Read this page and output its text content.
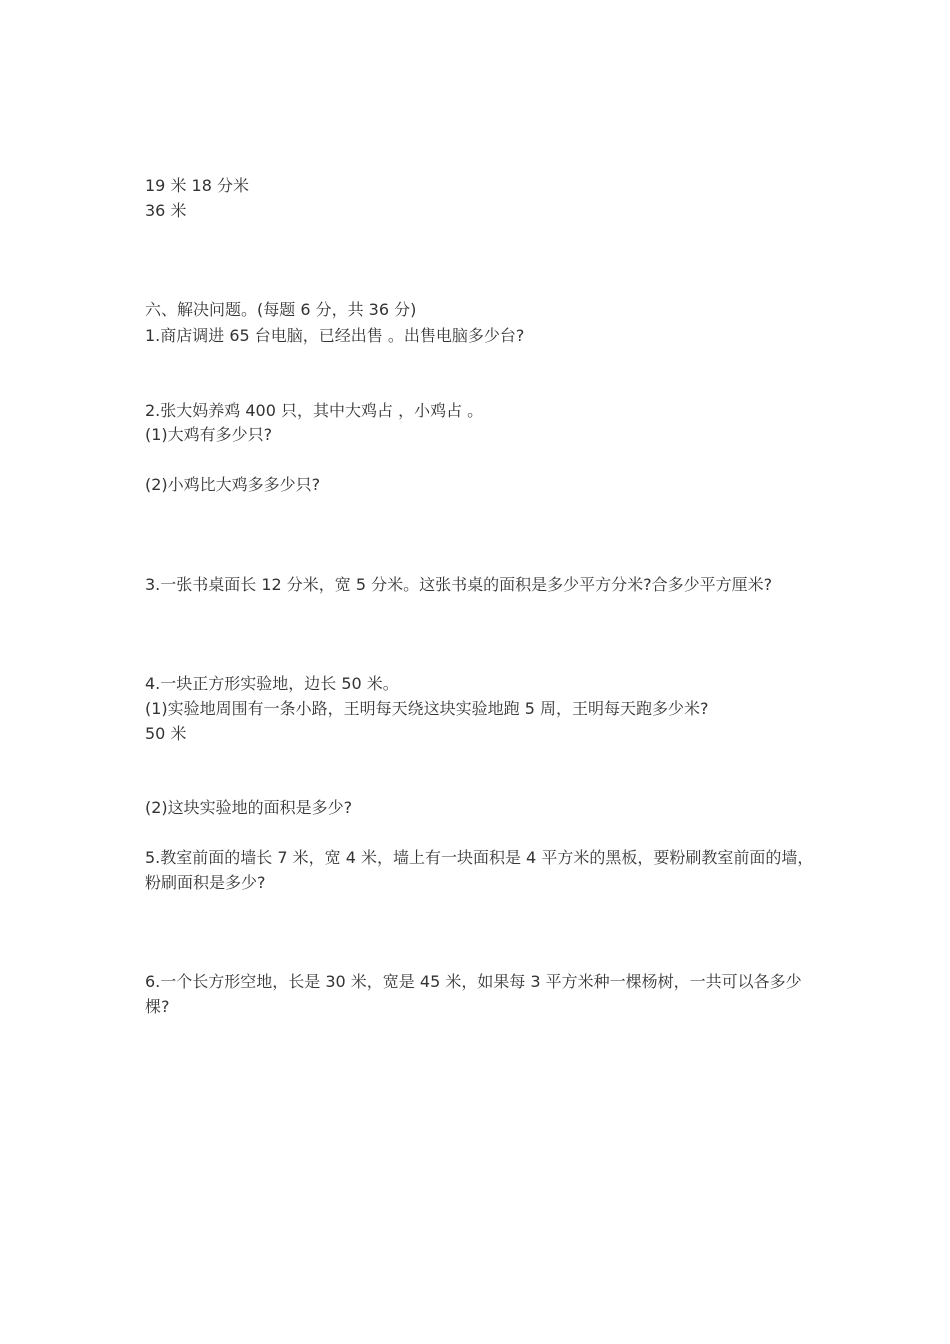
19 米 18 分米
36 米
六、解决问题。(每题 6 分，共 36 分)
1.商店调进 65 台电脑，已经出售 。出售电脑多少台?
2.张大妈养鸡 400 只，其中大鸡占 ，小鸡占 。
(1)大鸡有多少只?
(2)小鸡比大鸡多多少只?
3.一张书桌面长 12 分米，宽 5 分米。这张书桌的面积是多少平方分米?合多少平方厘米?
4.一块正方形实验地，边长 50 米。
(1)实验地周围有一条小路，王明每天绕这块实验地跑 5 周，王明每天跑多少米?
50 米
(2)这块实验地的面积是多少?
5.教室前面的墙长 7 米，宽 4 米，墙上有一块面积是 4 平方米的黑板，要粉刷教室前面的墙，
粉刷面积是多少?
6.一个长方形空地，长是 30 米，宽是 45 米，如果每 3 平方米种一棵杨树，一共可以各多少
棵?
